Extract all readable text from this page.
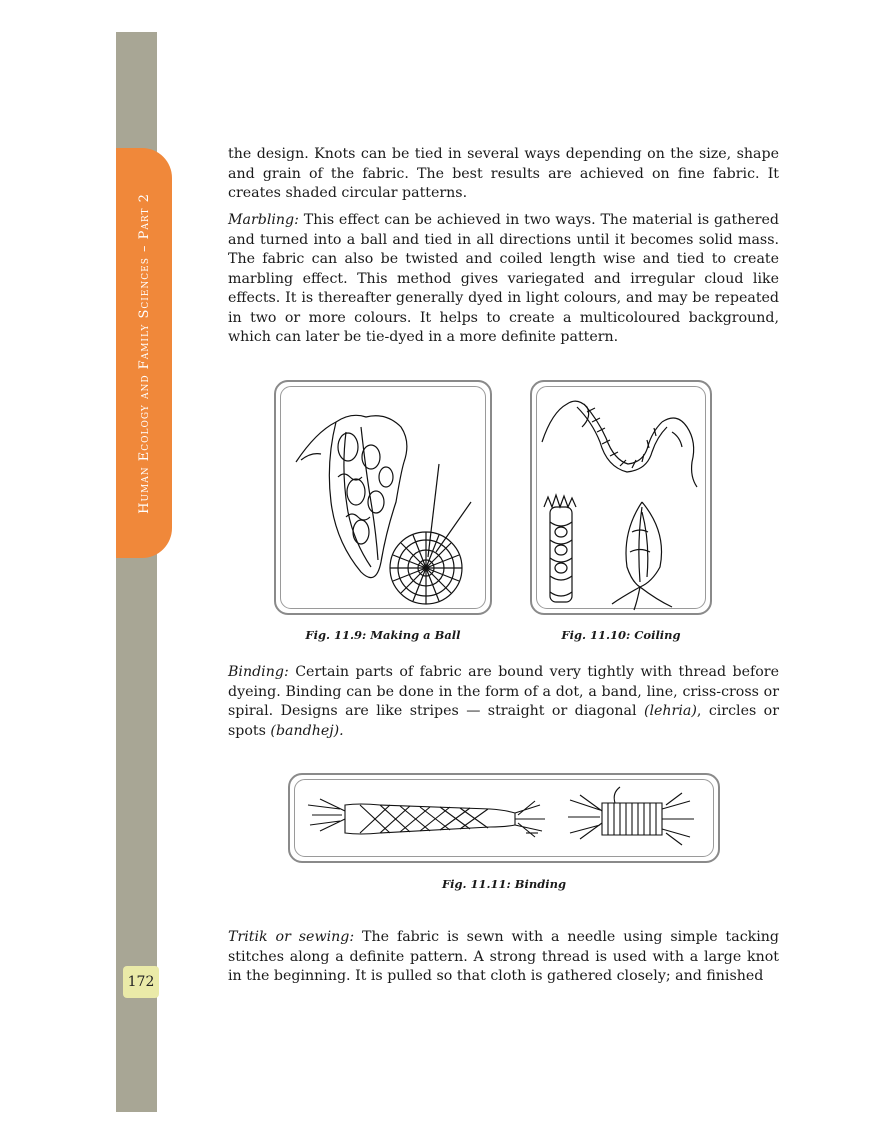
Human Ecology and Family Sciences – Part 2
172

the design. Knots can be tied in several ways depending on the size, shape and grain of the fabric. The best results are achieved on fine fabric. It creates shaded circular patterns.

Marbling: This effect can be achieved in two ways. The material is gathered and turned into a ball and tied in all directions until it becomes solid mass. The fabric can also be twisted and coiled length wise and tied to create marbling effect. This method gives variegated and irregular cloud like effects. It is thereafter generally dyed in light colours, and may be repeated in two or more colours. It helps to create a multicoloured background, which can later be tie-dyed in a more definite pattern.

Fig. 11.9: Making a Ball	Fig. 11.10: Coiling

Binding: Certain parts of fabric are bound very tightly with thread before dyeing. Binding can be done in the form of a dot, a band, line, criss-cross or spiral. Designs are like stripes — straight or diagonal (lehria), circles or spots (bandhej).

Fig. 11.11: Binding

Tritik or sewing: The fabric is sewn with a needle using simple tacking stitches along a definite pattern. A strong thread is used with a large knot in the beginning. It is pulled so that cloth is gathered closely; and finished
